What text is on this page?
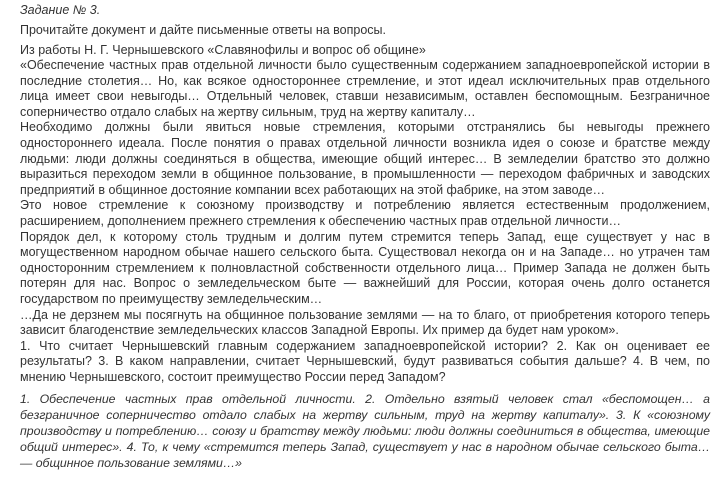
Задание № 3.
Прочитайте документ и дайте письменные ответы на вопросы.
Из работы Н. Г. Чернышевского «Славянофилы и вопрос об общине»

«Обеспечение частных прав отдельной личности было существенным содержанием западноевропейской истории в последние столетия… Но, как всякое одностороннее стремление, и этот идеал исключительных прав отдельного лица имеет свои невыгоды… Отдельный человек, ставши независимым, оставлен беспомощным. Безграничное соперничество отдало слабых на жертву сильным, труд на жертву капиталу…

Необходимо должны были явиться новые стремления, которыми отстранялись бы невыгоды прежнего одностороннего идеала. После понятия о правах отдельной личности возникла идея о союзе и братстве между людьми: люди должны соединяться в общества, имеющие общий интерес… В земледелии братство это должно выразиться переходом земли в общинное пользование, в промышленности — переходом фабричных и заводских предприятий в общинное достояние компании всех работающих на этой фабрике, на этом заводе…

Это новое стремление к союзному производству и потреблению является естественным продолжением, расширением, дополнением прежнего стремления к обеспечению частных прав отдельной личности…

Порядок дел, к которому столь трудным и долгим путем стремится теперь Запад, еще существует у нас в могущественном народном обычае нашего сельского быта. Существовал некогда он и на Западе… но утрачен там односторонним стремлением к полновластной собственности отдельного лица… Пример Запада не должен быть потерян для нас. Вопрос о земледельческом быте — важнейший для России, которая очень долго останется государством по преимуществу земледельческим…

…Да не дерзнем мы посягнуть на общинное пользование землями — на то благо, от приобретения которого теперь зависит благоденствие земледельческих классов Западной Европы. Их пример да будет нам уроком».

1. Что считает Чернышевский главным содержанием западноевропейской истории? 2. Как он оценивает ее результаты? 3. В каком направлении, считает Чернышевский, будут развиваться события дальше? 4. В чем, по мнению Чернышевского, состоит преимущество России перед Западом?
1. Обеспечение частных прав отдельной личности. 2. Отдельно взятый человек стал «беспомощен… а безграничное соперничество отдало слабых на жертву сильным, труд на жертву капиталу». 3. К «союзному производству и потреблению… союзу и братству между людьми: люди должны соединиться в общества, имеющие общий интерес». 4. То, к чему «стремится теперь Запад, существует у нас в народном обычае сельского быта… — общинное пользование землями…»
